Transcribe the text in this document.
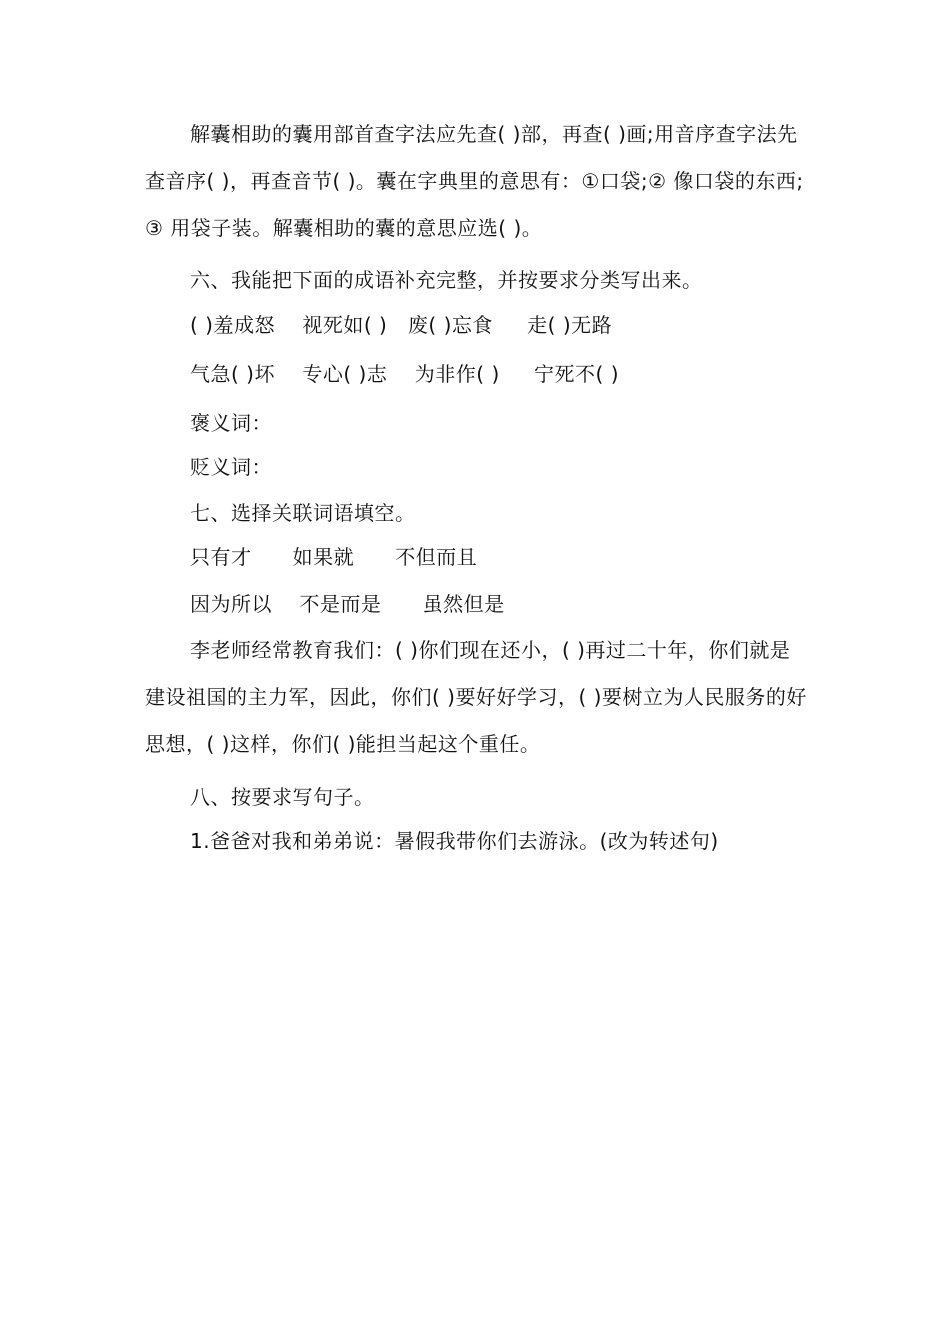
解囊相助的囊用部首查字法应先查( )部，再查( )画;用音序查字法先查音序( )，再查音节( )。囊在字典里的意思有：①口袋;② 像口袋的东西;③ 用袋子装。解囊相助的囊的意思应选( )。
六、我能把下面的成语补充完整，并按要求分类写出来。
( )羞成怒    视死如( )   废( )忘食     走( )无路
气急( )坏    专心( )志    为非作( )     宁死不( )
褒义词：
贬义词：
七、选择关联词语填空。
只有才      如果就      不但而且
因为所以    不是而是      虽然但是
李老师经常教育我们：( )你们现在还小，( )再过二十年，你们就是建设祖国的主力军，因此，你们( )要好好学习，( )要树立为人民服务的好思想，( )这样，你们( )能担当起这个重任。
八、按要求写句子。
1.爸爸对我和弟弟说：暑假我带你们去游泳。(改为转述句)
